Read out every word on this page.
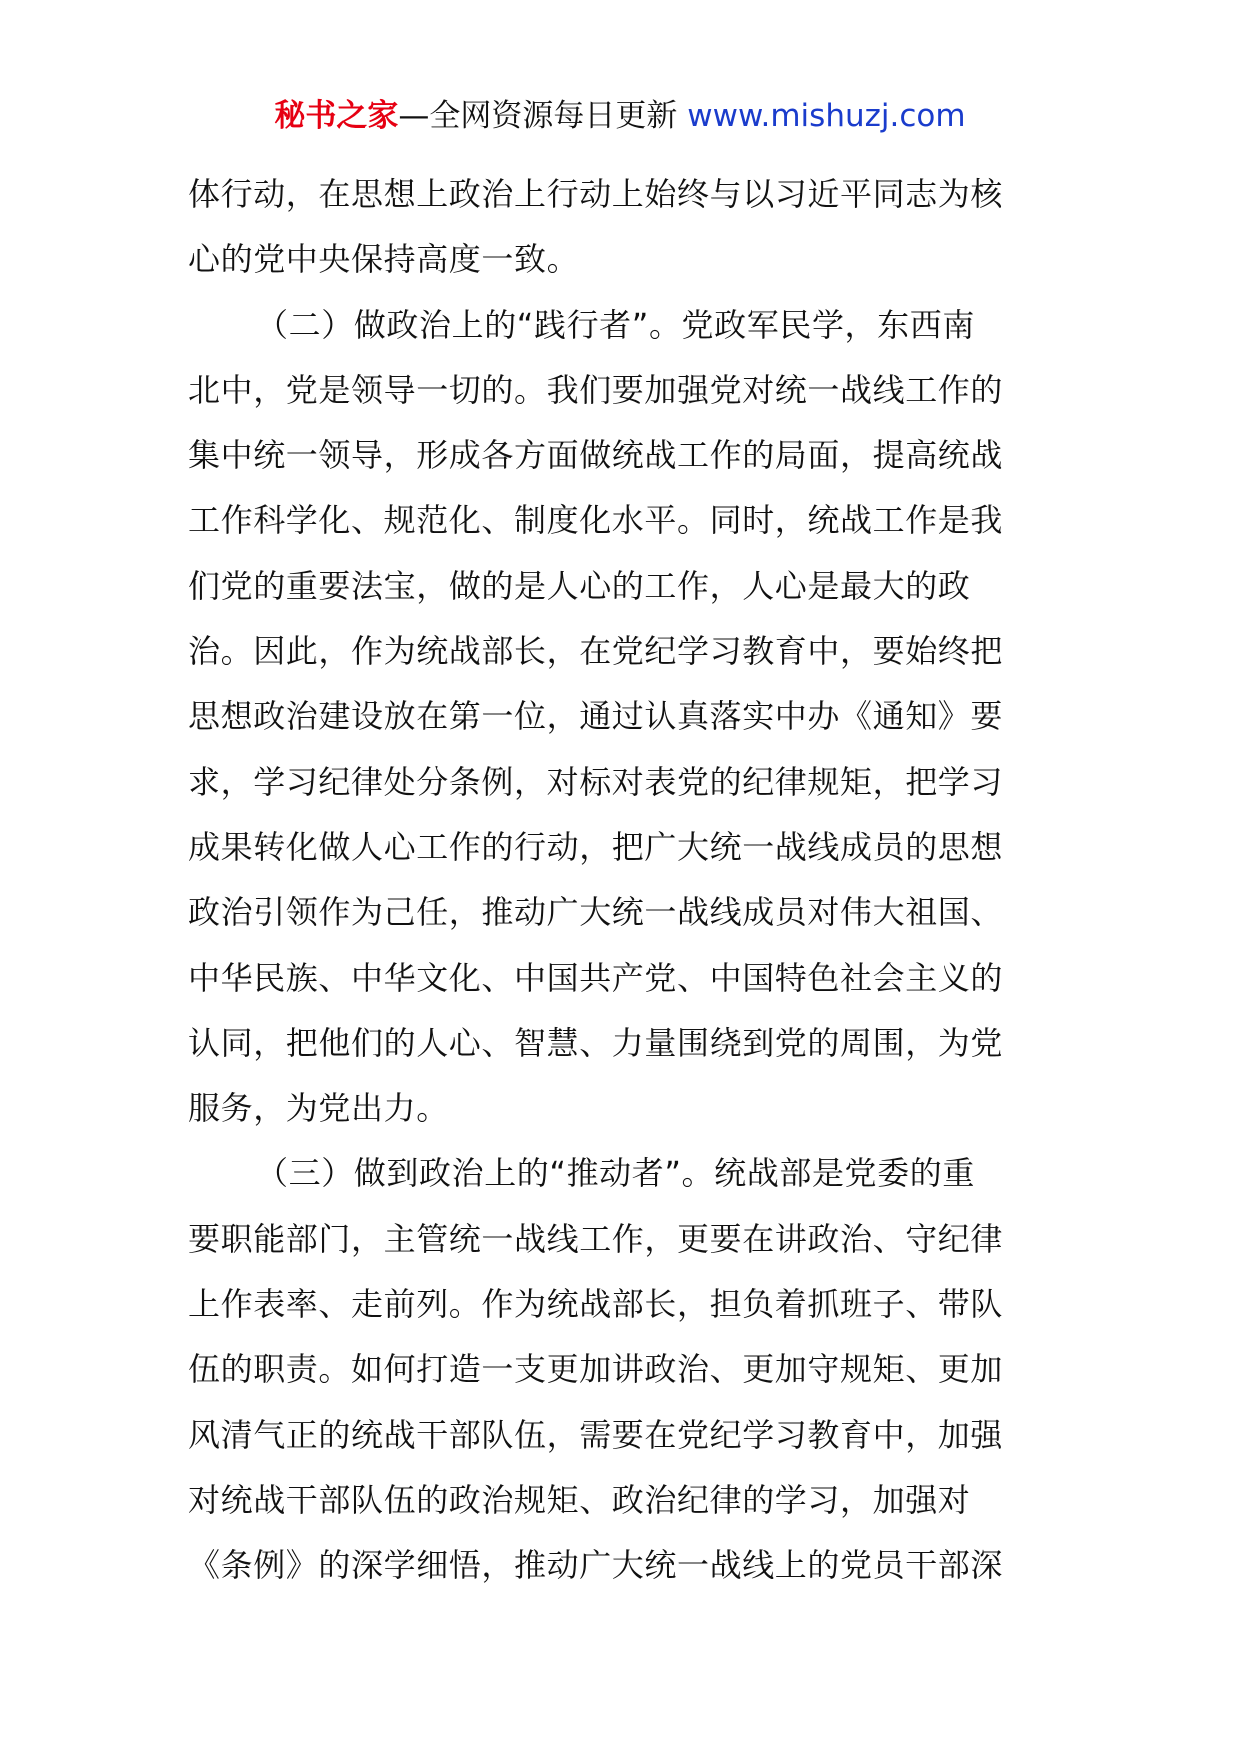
秘书之家—全网资源每日更新 www.mishuzj.com

体行动，在思想上政治上行动上始终与以习近平同志为核
心的党中央保持高度一致。

（二）做政治上的“践行者”。党政军民学，东西南
北中，党是领导一切的。我们要加强党对统一战线工作的
集中统一领导，形成各方面做统战工作的局面，提高统战
工作科学化、规范化、制度化水平。同时，统战工作是我
们党的重要法宝，做的是人心的工作，人心是最大的政
治。因此，作为统战部长，在党纪学习教育中，要始终把
思想政治建设放在第一位，通过认真落实中办《通知》要
求，学习纪律处分条例，对标对表党的纪律规矩，把学习
成果转化做人心工作的行动，把广大统一战线成员的思想
政治引领作为己任，推动广大统一战线成员对伟大祖国、
中华民族、中华文化、中国共产党、中国特色社会主义的
认同，把他们的人心、智慧、力量围绕到党的周围，为党
服务，为党出力。

（三）做到政治上的“推动者”。统战部是党委的重
要职能部门，主管统一战线工作，更要在讲政治、守纪律
上作表率、走前列。作为统战部长，担负着抓班子、带队
伍的职责。如何打造一支更加讲政治、更加守规矩、更加
风清气正的统战干部队伍，需要在党纪学习教育中，加强
对统战干部队伍的政治规矩、政治纪律的学习，加强对
《条例》的深学细悟，推动广大统一战线上的党员干部深
